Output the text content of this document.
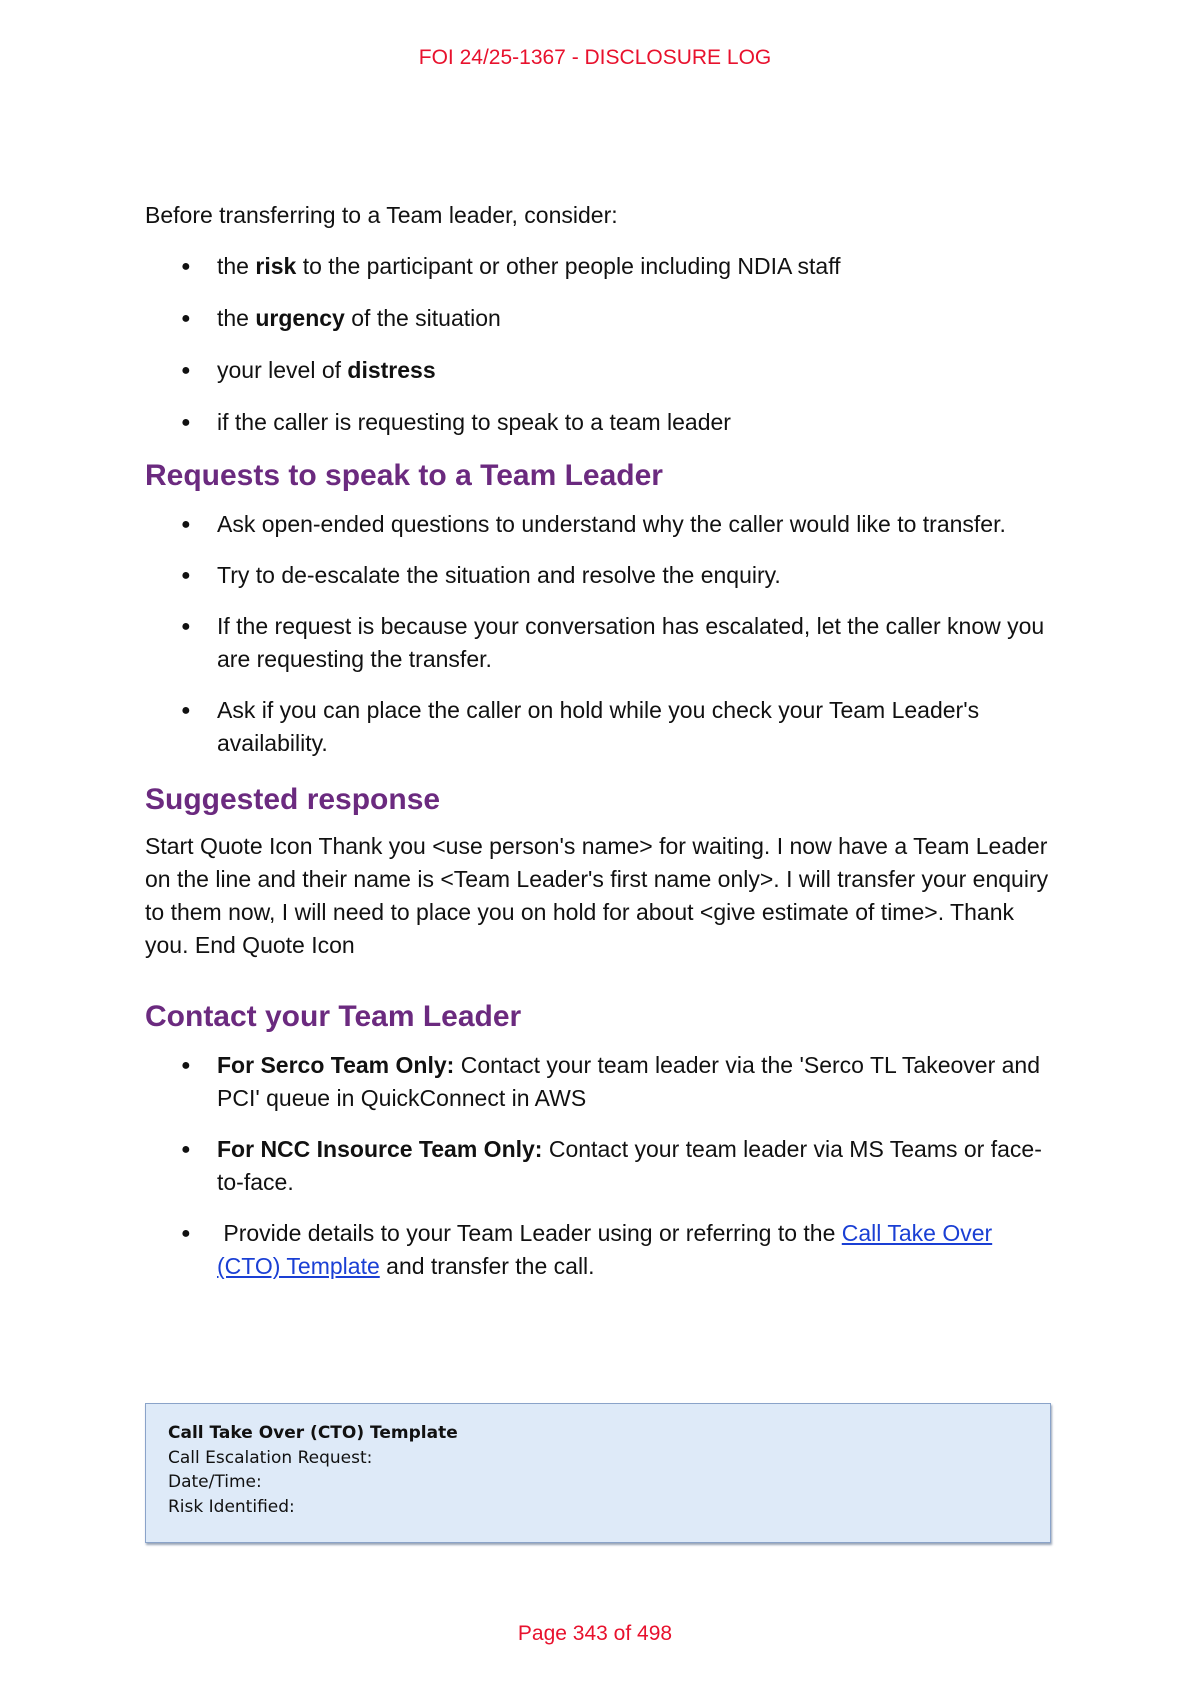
FOI 24/25-1367 - DISCLOSURE LOG

Before transferring to a Team leader, consider:

● the risk to the participant or other people including NDIA staff
● the urgency of the situation
● your level of distress
● if the caller is requesting to speak to a team leader
Requests to speak to a Team Leader
● Ask open-ended questions to understand why the caller would like to transfer.
● Try to de-escalate the situation and resolve the enquiry.
● If the request is because your conversation has escalated, let the caller know you are requesting the transfer.
● Ask if you can place the caller on hold while you check your Team Leader's availability.
Suggested response

Start Quote Icon Thank you <use person's name> for waiting. I now have a Team Leader on the line and their name is <Team Leader's first name only>. I will transfer your enquiry to them now, I will need to place you on hold for about <give estimate of time>. Thank you. End Quote Icon

Contact your Team Leader
● For Serco Team Only: Contact your team leader via the 'Serco TL Takeover and PCI' queue in QuickConnect in AWS
● For NCC Insource Team Only: Contact your team leader via MS Teams or face-to-face.
● Provide details to your Team Leader using or referring to the Call Take Over (CTO) Template and transfer the call.
Call Take Over (CTO) Template
Call Escalation Request:
Date/Time:
Risk Identified:
Page 343 of 498
